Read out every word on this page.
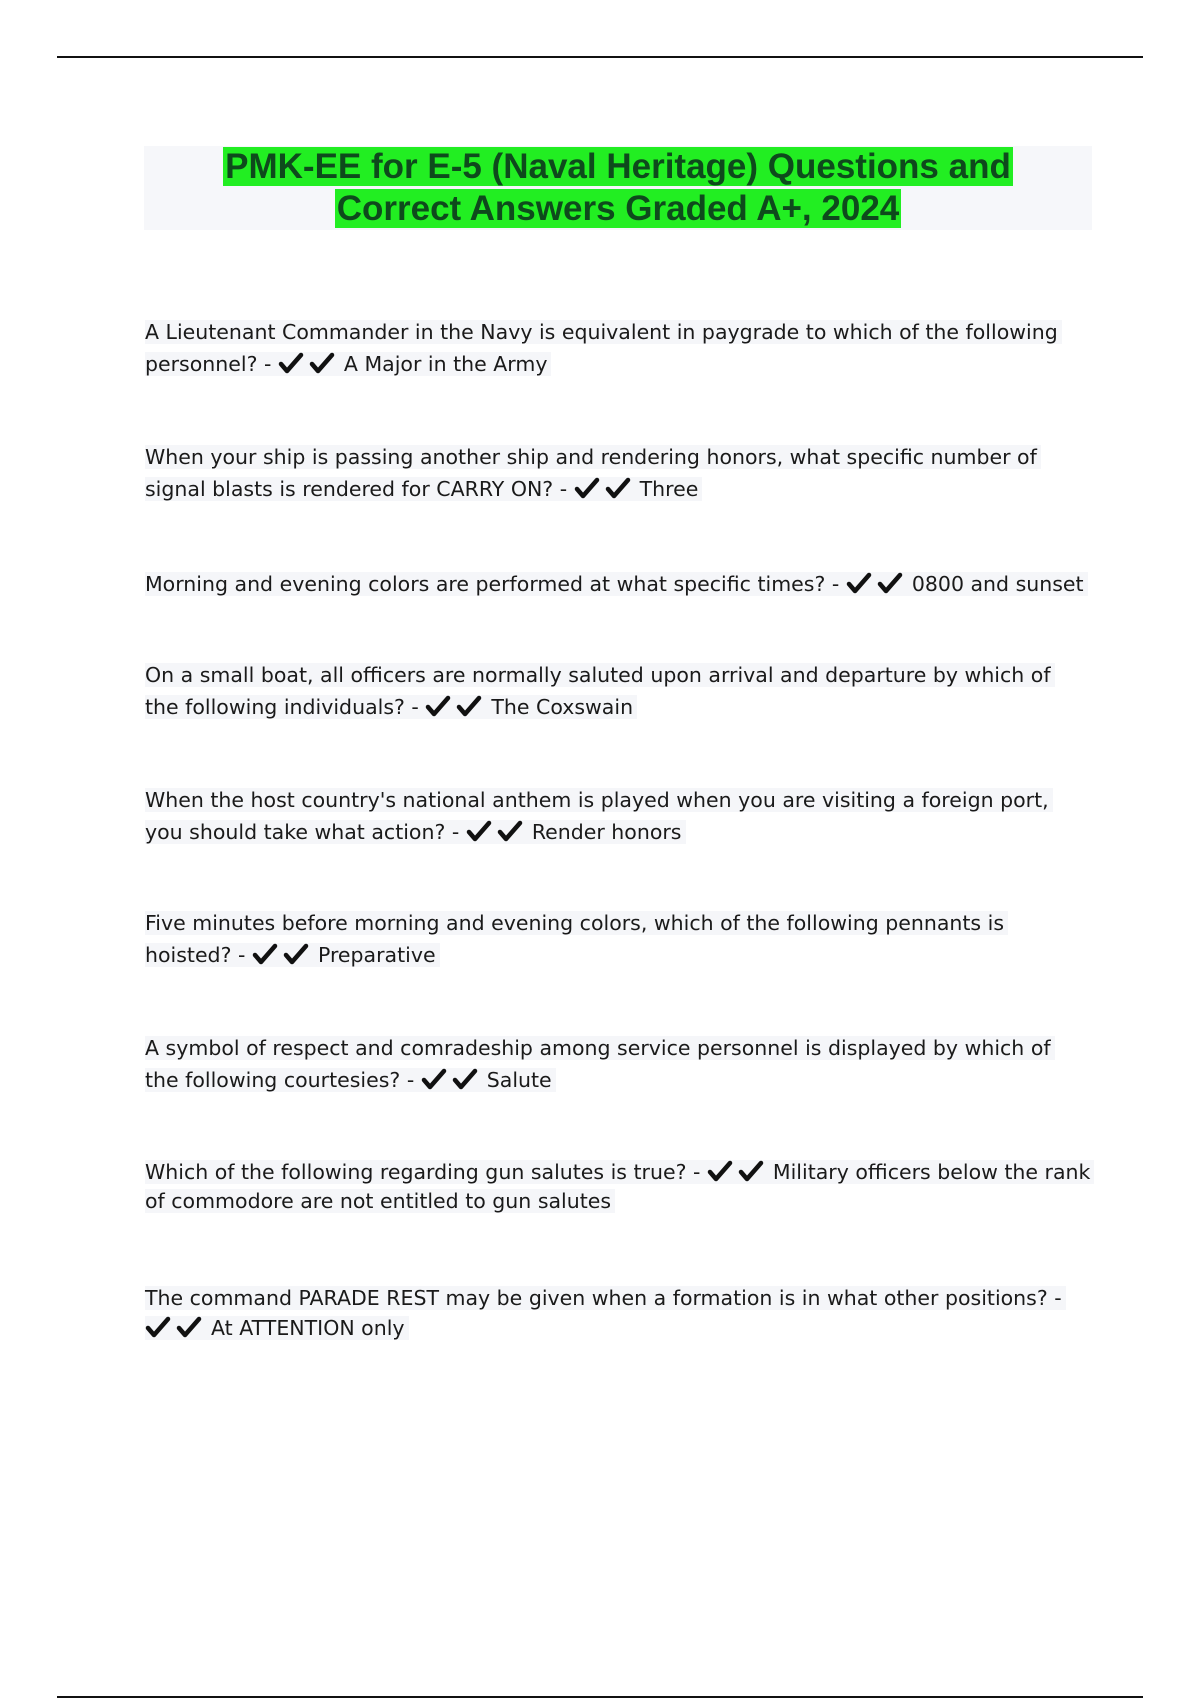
PMK-EE for E-5 (Naval Heritage) Questions and
Correct Answers Graded A+, 2024
A Lieutenant Commander in the Navy is equivalent in paygrade to which of the following personnel? -	A Major in the Army
When your ship is passing another ship and rendering honors, what specific number of signal blasts is rendered for CARRY ON? -	Three
Morning and evening colors are performed at what specific times? -	0800 and sunset
On a small boat, all officers are normally saluted upon arrival and departure by which of the following individuals? -	The Coxswain
When the host country's national anthem is played when you are visiting a foreign port, you should take what action? -	Render honors
Five minutes before morning and evening colors, which of the following pennants is hoisted? -	Preparative
A symbol of respect and comradeship among service personnel is displayed by which of the following courtesies? -	Salute
Which of the following regarding gun salutes is true? -	Military officers below the rank of commodore are not entitled to gun salutes
The command PARADE REST may be given when a formation is in what other positions? -
At ATTENTION only
